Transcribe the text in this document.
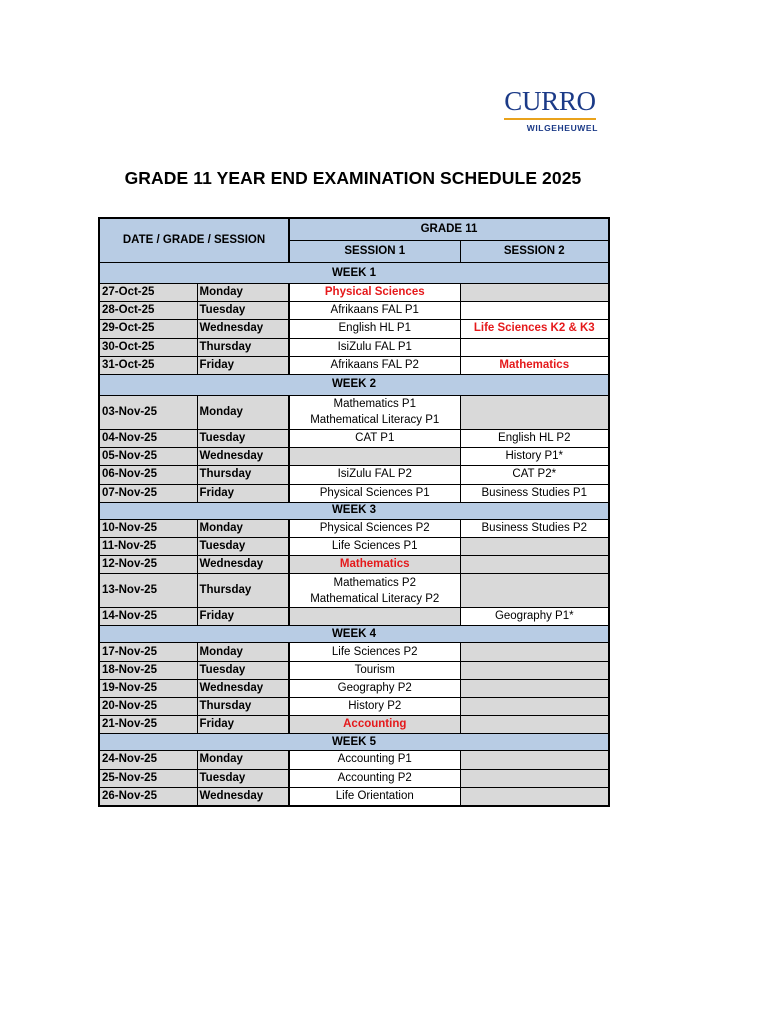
CURRO
WILGEHEUWEL
GRADE 11 YEAR END EXAMINATION SCHEDULE 2025
DATE / GRADE / SESSION		GRADE 11	
		SESSION 1	SESSION 2
WEEK 1			
27-Oct-25	Monday	Physical Sciences	

28-Oct-25	Tuesday	Afrikaans FAL P1	

29-Oct-25	Wednesday	English HL P1	Life Sciences K2 & K3

30-Oct-25	Thursday	IsiZulu FAL P1	

31-Oct-25	Friday	Afrikaans FAL P2	Mathematics

WEEK 2			
03-Nov-25	Monday	Mathematics P1
Mathematical Literacy P1	

04-Nov-25	Tuesday	CAT P1	English HL P2

05-Nov-25	Wednesday		History P1*

06-Nov-25	Thursday	IsiZulu FAL P2	CAT P2*

07-Nov-25	Friday	Physical Sciences P1	Business Studies P1

WEEK 3			
10-Nov-25	Monday	Physical Sciences P2	Business Studies P2

11-Nov-25	Tuesday	Life Sciences P1	

12-Nov-25	Wednesday	Mathematics	

13-Nov-25	Thursday	Mathematics P2
Mathematical Literacy P2	

14-Nov-25	Friday		Geography P1*

WEEK 4			
17-Nov-25	Monday	Life Sciences P2	

18-Nov-25	Tuesday	Tourism	

19-Nov-25	Wednesday	Geography P2	

20-Nov-25	Thursday	History P2	

21-Nov-25	Friday	Accounting	

WEEK 5			
24-Nov-25	Monday	Accounting P1	

25-Nov-25	Tuesday	Accounting P2	

26-Nov-25	Wednesday	Life Orientation	
